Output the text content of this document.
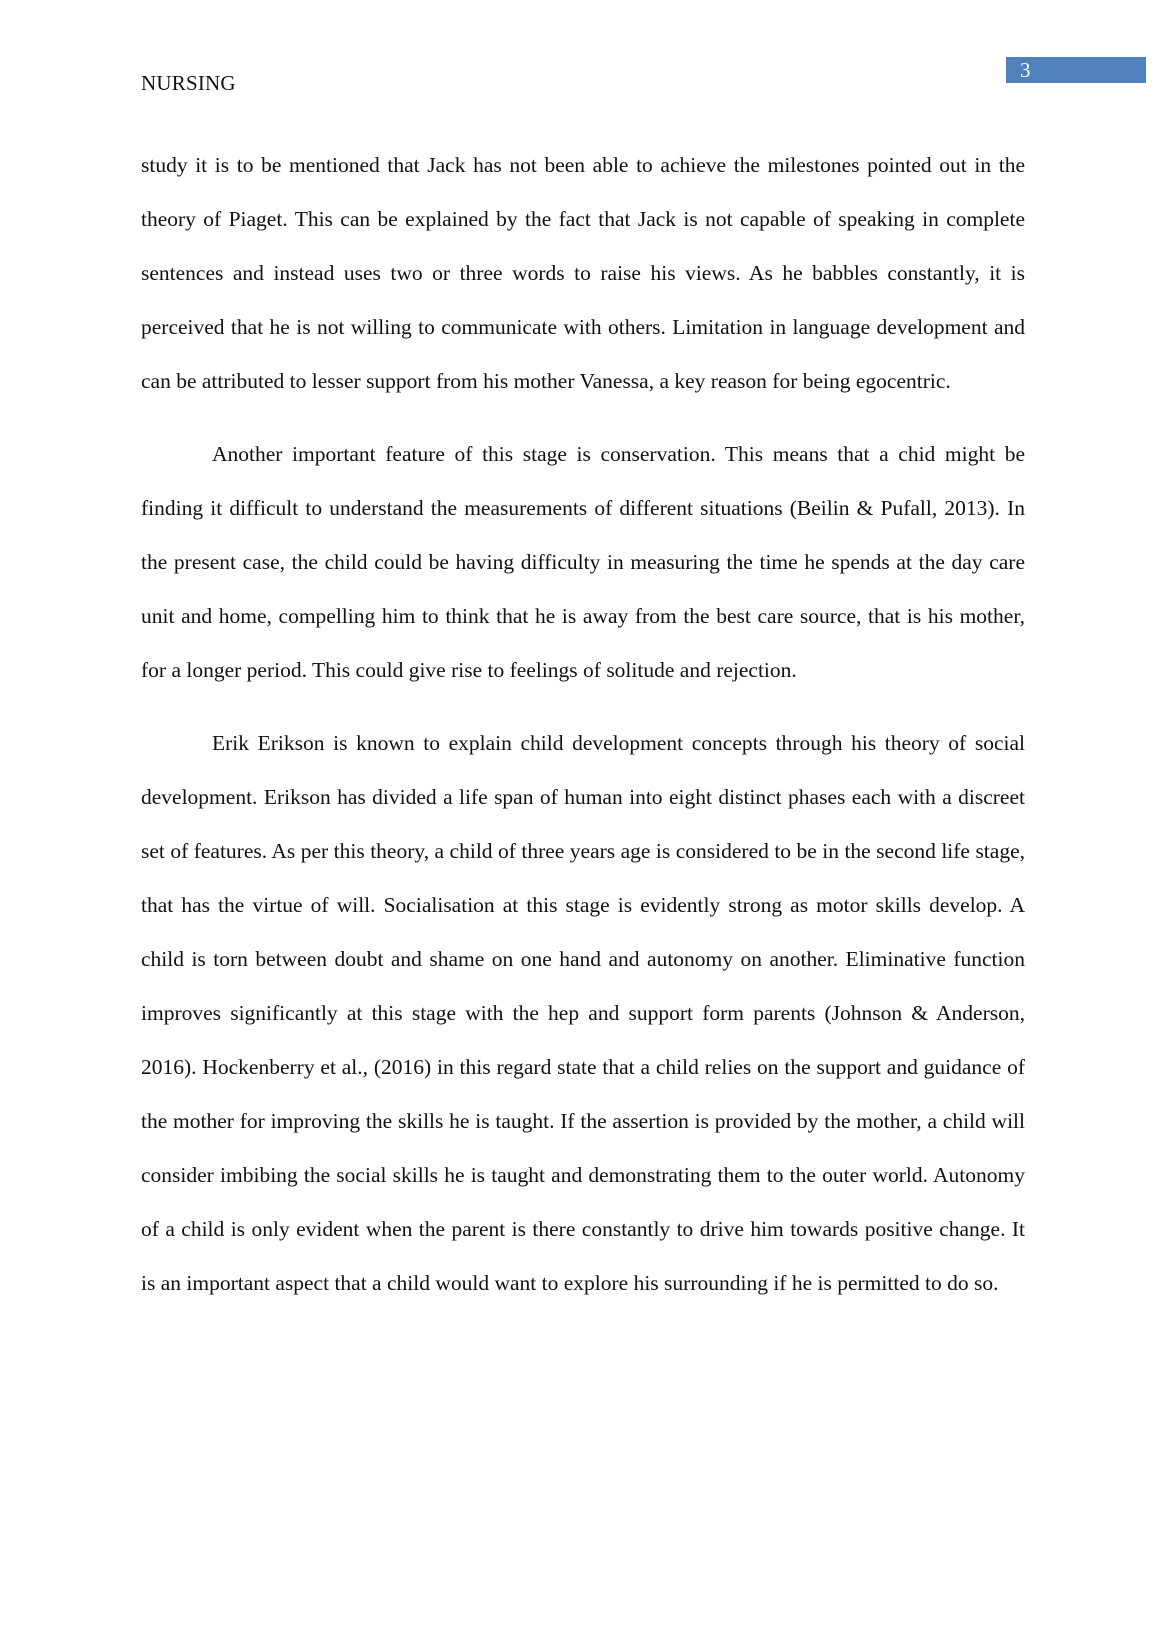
3
NURSING

study it is to be mentioned that Jack has not been able to achieve the milestones pointed out in the theory of Piaget. This can be explained by the fact that Jack is not capable of speaking in complete sentences and instead uses two or three words to raise his views. As he babbles constantly, it is perceived that he is not willing to communicate with others. Limitation in language development and can be attributed to lesser support from his mother Vanessa, a key reason for being egocentric.

Another important feature of this stage is conservation. This means that a chid might be finding it difficult to understand the measurements of different situations (Beilin & Pufall, 2013). In the present case, the child could be having difficulty in measuring the time he spends at the day care unit and home, compelling him to think that he is away from the best care source, that is his mother, for a longer period. This could give rise to feelings of solitude and rejection.

Erik Erikson is known to explain child development concepts through his theory of social development. Erikson has divided a life span of human into eight distinct phases each with a discreet set of features. As per this theory, a child of three years age is considered to be in the second life stage, that has the virtue of will. Socialisation at this stage is evidently strong as motor skills develop. A child is torn between doubt and shame on one hand and autonomy on another. Eliminative function improves significantly at this stage with the hep and support form parents (Johnson & Anderson, 2016). Hockenberry et al., (2016) in this regard state that a child relies on the support and guidance of the mother for improving the skills he is taught. If the assertion is provided by the mother, a child will consider imbibing the social skills he is taught and demonstrating them to the outer world. Autonomy of a child is only evident when the parent is there constantly to drive him towards positive change. It is an important aspect that a child would want to explore his surrounding if he is permitted to do so.
